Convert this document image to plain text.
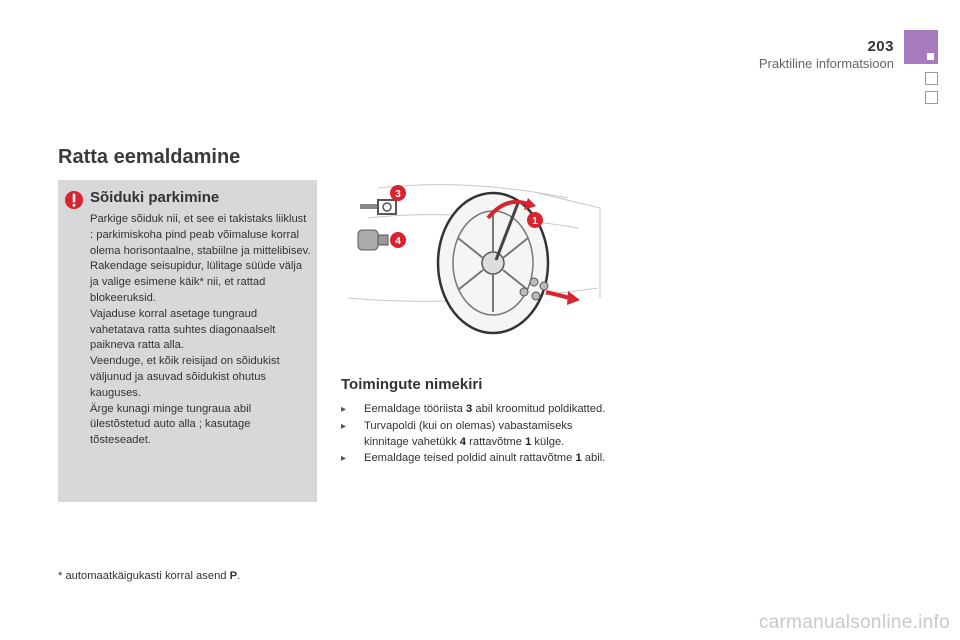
203
Praktiline informatsioon
Ratta eemaldamine
Sõiduki parkimine
Parkige sõiduk nii, et see ei takistaks liiklust : parkimiskoha pind peab võimaluse korral olema horisontaalne, stabiilne ja mittelibisev.
Rakendage seisupidur, lülitage süüde välja ja valige esimene käik* nii, et rattad blokeeruksid.
Vajaduse korral asetage tungraud vahetatava ratta suhtes diagonaalselt paikneva ratta alla.
Veenduge, et kõik reisijad on sõidukist väljunud ja asuvad sõidukist ohutus kauguses.
Ärge kunagi minge tungraua abil ülestõstetud auto alla ; kasutage tõsteseadet.
3
4
1
Toimingute nimekiri
▸ Eemaldage tööriista 3 abil kroomitud poldikatted.
▸ Turvapoldi (kui on olemas) vabastamiseks kinnitage vahetükk 4 rattavõtme 1 külge.
▸ Eemaldage teised poldid ainult rattavõtme 1 abil.
* automaatkäigukasti korral asend P.
carmanualsonline.info
